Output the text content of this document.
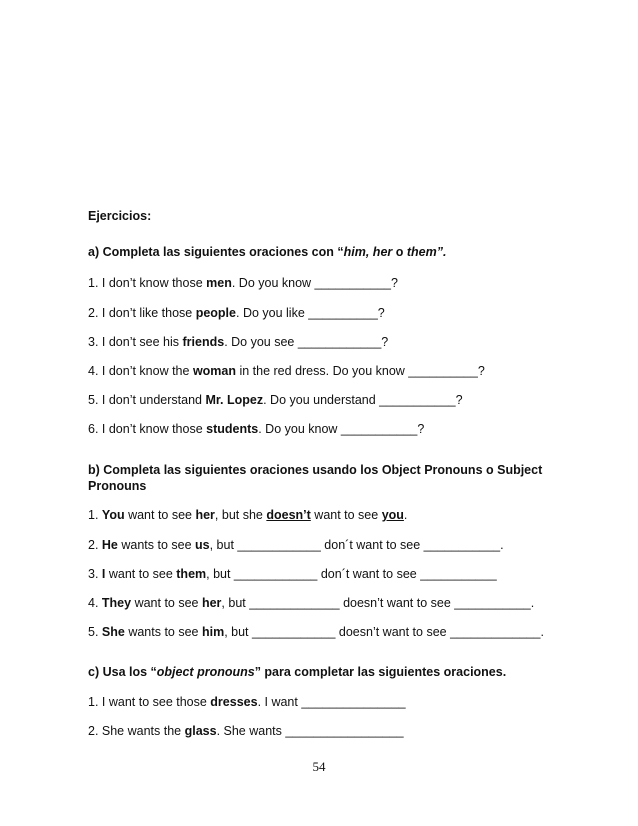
Ejercicios:
a) Completa las siguientes oraciones con “him, her o them”.
1. I don’t know those men. Do you know ___________?
2. I don’t like those people. Do you like __________?
3. I don’t see his friends. Do you see ____________?
4. I don’t know the woman in the red dress. Do you know __________?
5. I don’t understand Mr. Lopez. Do you understand ___________?
6. I don’t know those students. Do you know ___________?
b) Completa las siguientes oraciones usando los Object Pronouns o Subject Pronouns
1. You want to see her, but she doesn’t want to see you.
2. He wants to see us, but ____________ don´t want to see ___________.
3. I want to see them, but ____________ don´t want to see ___________
4. They want to see her, but _____________ doesn’t want to see ___________.
5. She wants to see him, but ____________ doesn’t want to see _____________.
c) Usa los “object pronouns” para completar las siguientes oraciones.
1. I want to see those dresses. I want _______________
2. She wants the glass. She wants _________________
54
